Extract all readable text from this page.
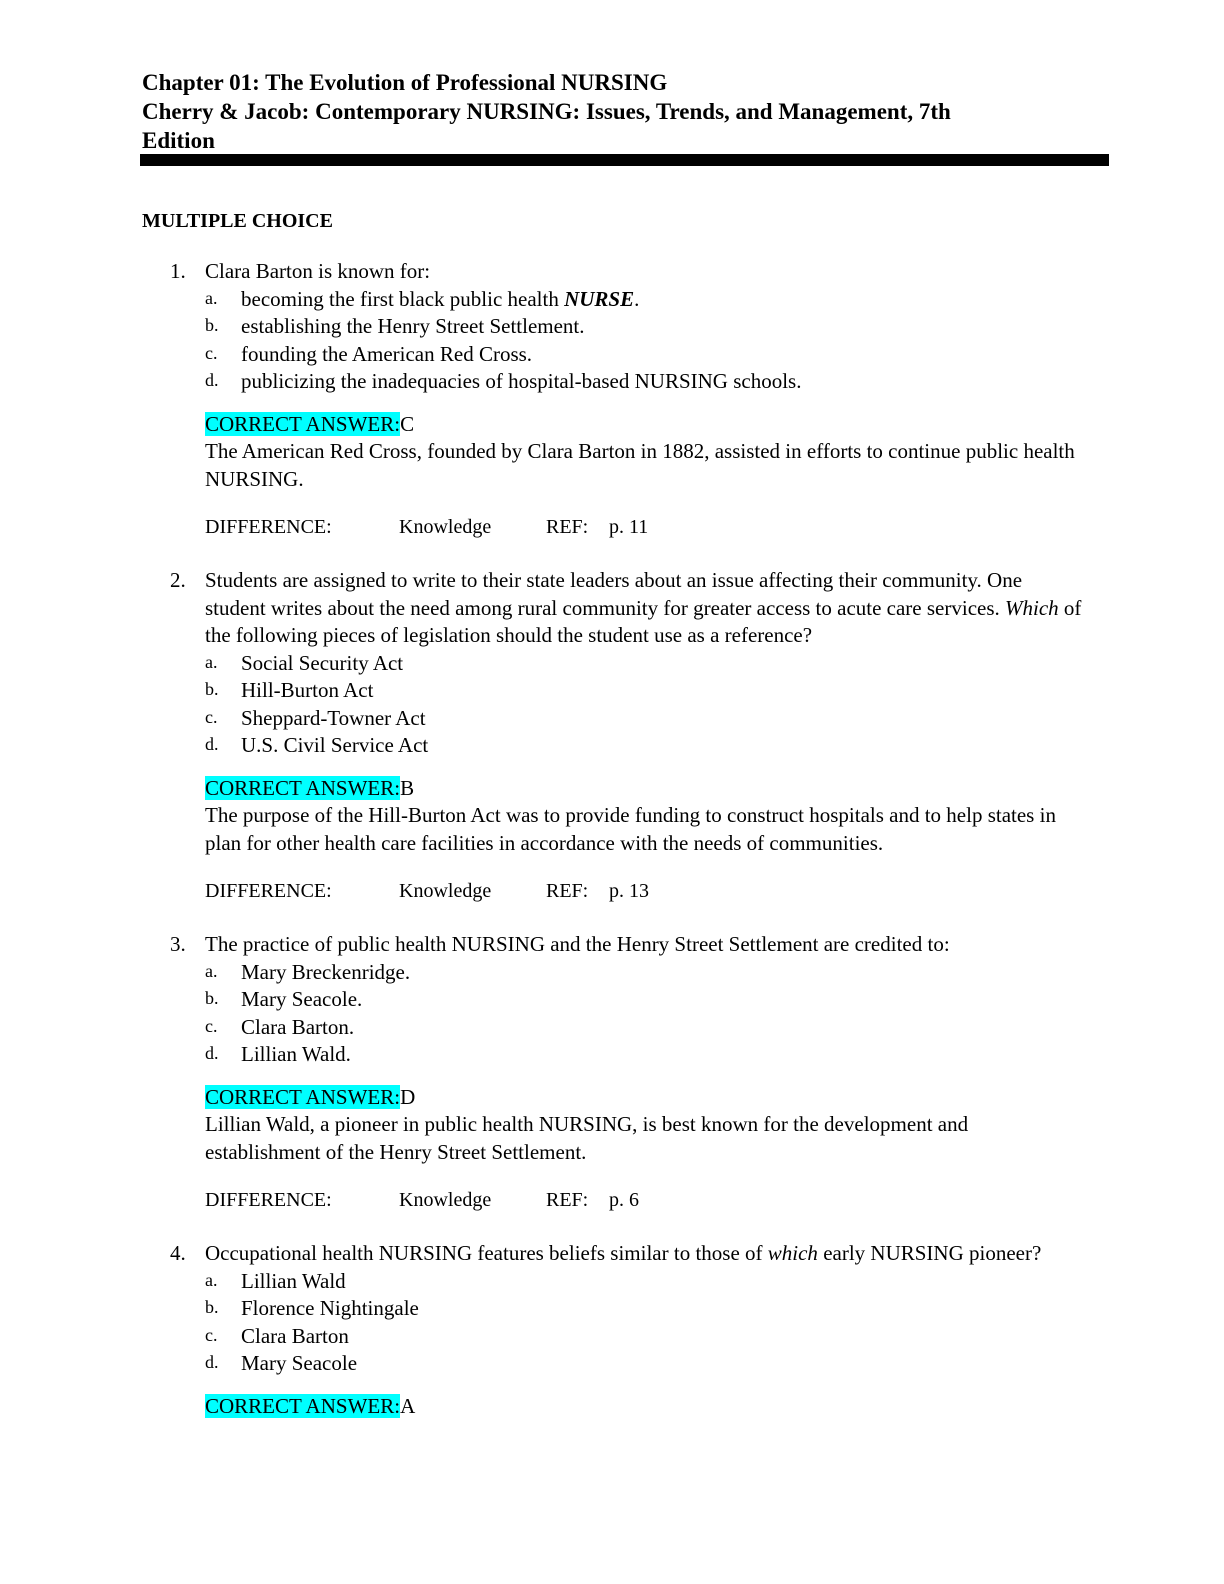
Chapter 01: The Evolution of Professional NURSING
Cherry & Jacob: Contemporary NURSING: Issues, Trends, and Management, 7th
Edition
MULTIPLE CHOICE
1. Clara Barton is known for:
a. becoming the first black public health NURSE.
b. establishing the Henry Street Settlement.
c. founding the American Red Cross.
d. publicizing the inadequacies of hospital-based NURSING schools.
CORRECT ANSWER:C
The American Red Cross, founded by Clara Barton in 1882, assisted in efforts to continue public health NURSING.
DIFFERENCE:	Knowledge	REF: p. 11
2. Students are assigned to write to their state leaders about an issue affecting their community. One student writes about the need among rural community for greater access to acute care services. Which of the following pieces of legislation should the student use as a reference?
a. Social Security Act
b. Hill-Burton Act
c. Sheppard-Towner Act
d. U.S. Civil Service Act
CORRECT ANSWER:B
The purpose of the Hill-Burton Act was to provide funding to construct hospitals and to help states in plan for other health care facilities in accordance with the needs of communities.
DIFFERENCE:	Knowledge	REF: p. 13
3. The practice of public health NURSING and the Henry Street Settlement are credited to:
a. Mary Breckenridge.
b. Mary Seacole.
c. Clara Barton.
d. Lillian Wald.
CORRECT ANSWER:D
Lillian Wald, a pioneer in public health NURSING, is best known for the development and establishment of the Henry Street Settlement.
DIFFERENCE:	Knowledge	REF: p. 6
4. Occupational health NURSING features beliefs similar to those of which early NURSING pioneer?
a. Lillian Wald
b. Florence Nightingale
c. Clara Barton
d. Mary Seacole
CORRECT ANSWER:A
